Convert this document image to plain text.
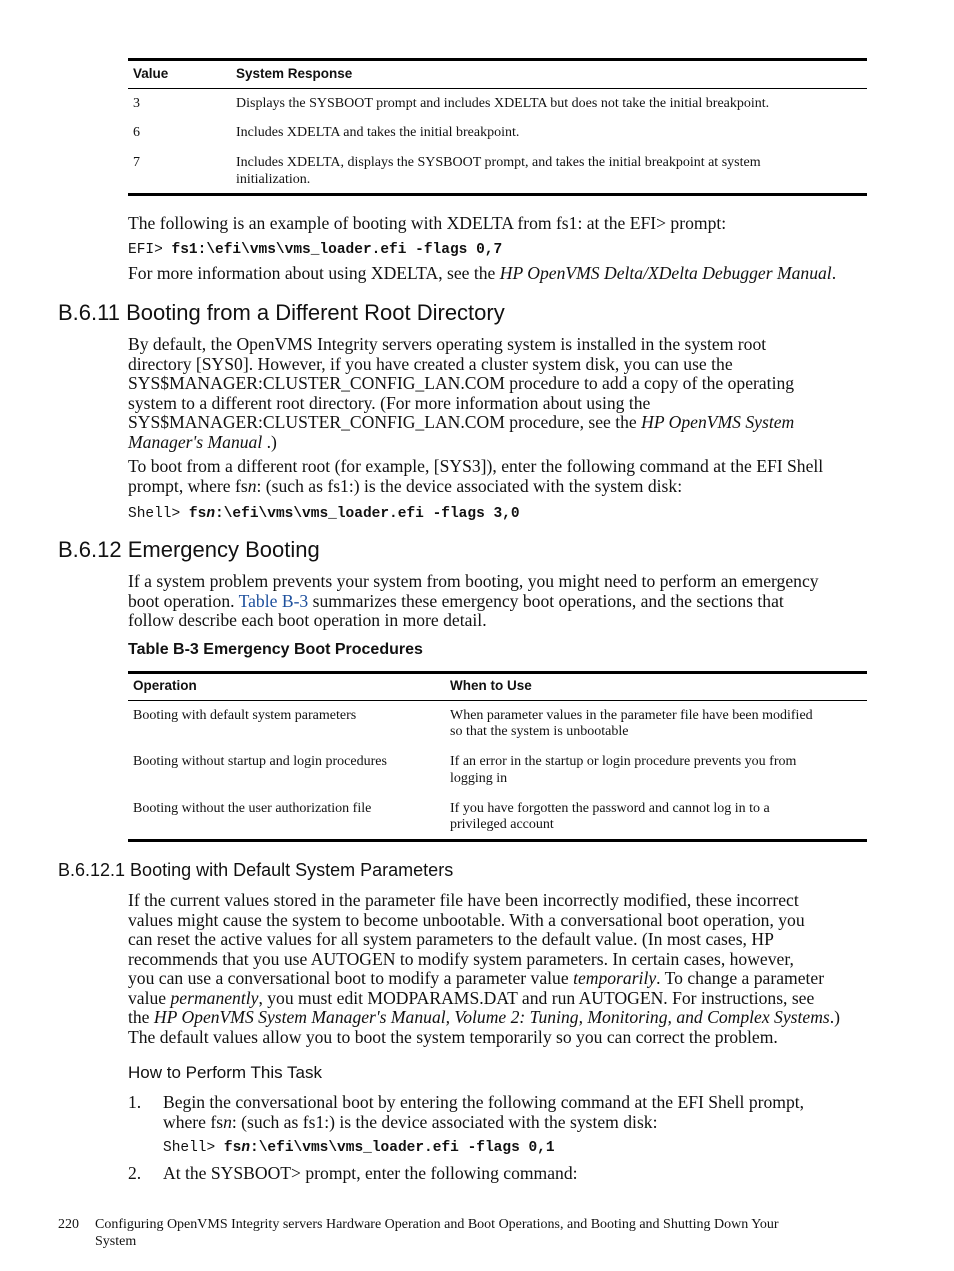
Value	System Response
3	Displays the SYSBOOT prompt and includes XDELTA but does not take the initial breakpoint.
6	Includes XDELTA and takes the initial breakpoint.
7	Includes XDELTA, displays the SYSBOOT prompt, and takes the initial breakpoint at system
initialization.
The following is an example of booting with XDELTA from fs1: at the EFI> prompt:
EFI> fs1:\efi\vms\vms_loader.efi -flags 0,7
For more information about using XDELTA, see the HP OpenVMS Delta/XDelta Debugger Manual.
B.6.11 Booting from a Different Root Directory
By default, the OpenVMS Integrity servers operating system is installed in the system root
directory [SYS0]. However, if you have created a cluster system disk, you can use the
SYS$MANAGER:CLUSTER_CONFIG_LAN.COM procedure to add a copy of the operating
system to a different root directory. (For more information about using the
SYS$MANAGER:CLUSTER_CONFIG_LAN.COM procedure, see the HP OpenVMS System
Manager's Manual .)
To boot from a different root (for example, [SYS3]), enter the following command at the EFI Shell
prompt, where fsn: (such as fs1:) is the device associated with the system disk:
Shell> fsn:\efi\vms\vms_loader.efi -flags 3,0
B.6.12 Emergency Booting
If a system problem prevents your system from booting, you might need to perform an emergency
boot operation. Table B-3 summarizes these emergency boot operations, and the sections that
follow describe each boot operation in more detail.
Table B-3 Emergency Boot Procedures
Operation	When to Use
Booting with default system parameters	When parameter values in the parameter file have been modified
so that the system is unbootable
Booting without startup and login procedures	If an error in the startup or login procedure prevents you from
logging in
Booting without the user authorization file	If you have forgotten the password and cannot log in to a
privileged account
B.6.12.1 Booting with Default System Parameters
If the current values stored in the parameter file have been incorrectly modified, these incorrect
values might cause the system to become unbootable. With a conversational boot operation, you
can reset the active values for all system parameters to the default value. (In most cases, HP
recommends that you use AUTOGEN to modify system parameters. In certain cases, however,
you can use a conversational boot to modify a parameter value temporarily. To change a parameter
value permanently, you must edit MODPARAMS.DAT and run AUTOGEN. For instructions, see
the HP OpenVMS System Manager's Manual, Volume 2: Tuning, Monitoring, and Complex Systems.)
The default values allow you to boot the system temporarily so you can correct the problem.
How to Perform This Task
1. Begin the conversational boot by entering the following command at the EFI Shell prompt,
where fsn: (such as fs1:) is the device associated with the system disk:
Shell> fsn:\efi\vms\vms_loader.efi -flags 0,1
2. At the SYSBOOT> prompt, enter the following command:
220 Configuring OpenVMS Integrity servers Hardware Operation and Boot Operations, and Booting and Shutting Down Your
System
